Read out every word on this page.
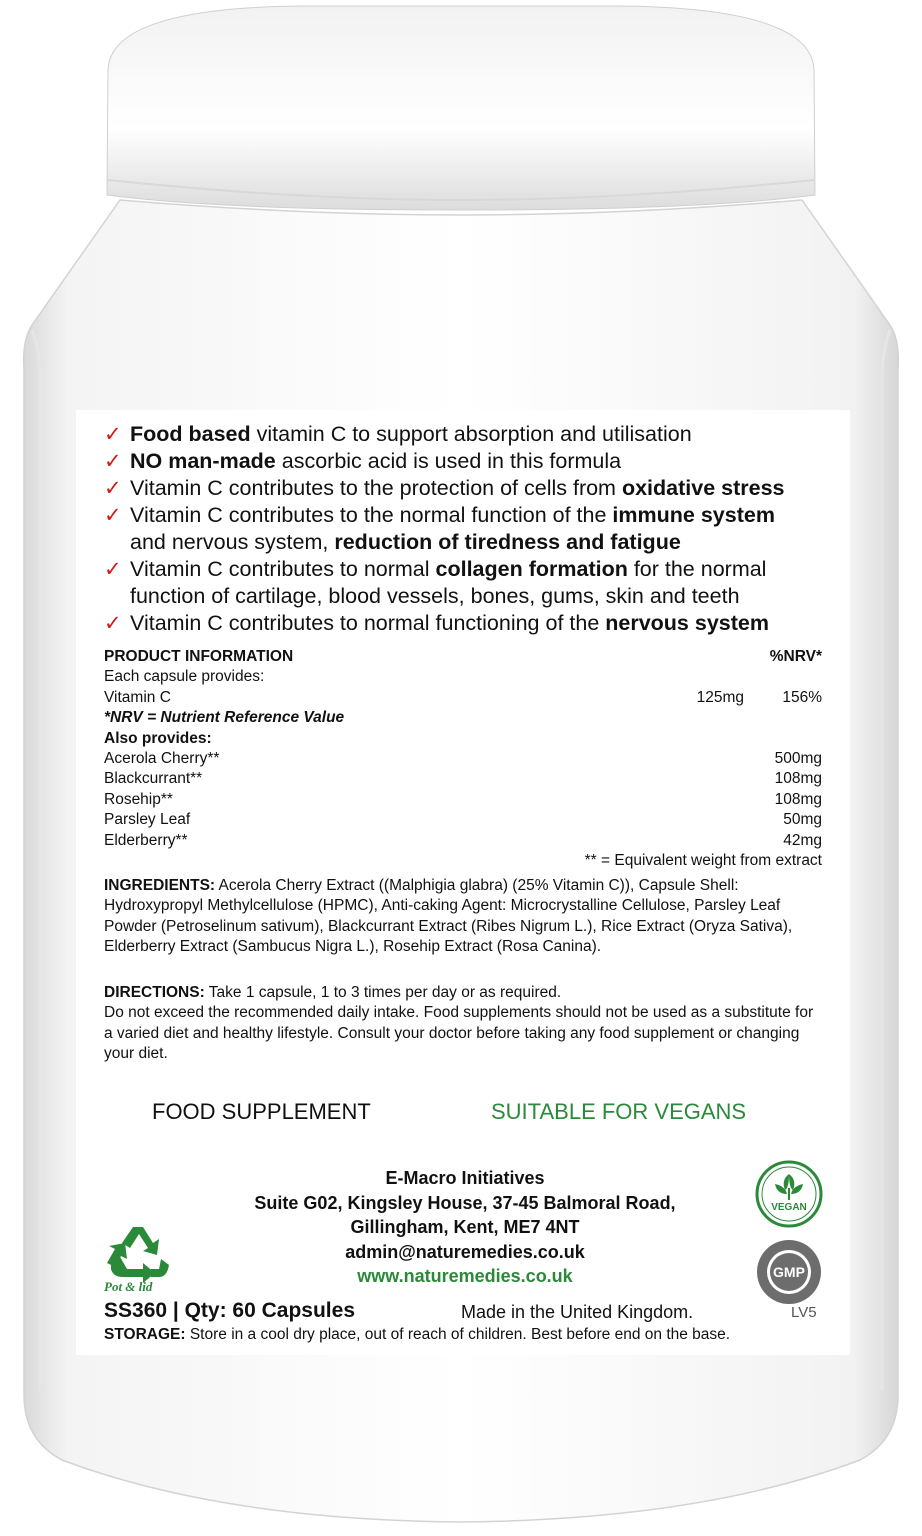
✓ Food based vitamin C to support absorption and utilisation
✓ NO man-made ascorbic acid is used in this formula
✓ Vitamin C contributes to the protection of cells from oxidative stress
✓ Vitamin C contributes to the normal function of the immune system
and nervous system, reduction of tiredness and fatigue
✓ Vitamin C contributes to normal collagen formation for the normal
function of cartilage, blood vessels, bones, gums, skin and teeth
✓ Vitamin C contributes to normal functioning of the nervous system
PRODUCT INFORMATION	%NRV*
Each capsule provides:
Vitamin C	125mg	156%
*NRV = Nutrient Reference Value
Also provides:
Acerola Cherry**	500mg
Blackcurrant**	108mg
Rosehip**	108mg
Parsley Leaf	50mg
Elderberry**	42mg
** = Equivalent weight from extract
INGREDIENTS: Acerola Cherry Extract ((Malphigia glabra) (25% Vitamin C)), Capsule Shell: Hydroxypropyl Methylcellulose (HPMC), Anti-caking Agent: Microcrystalline Cellulose, Parsley Leaf Powder (Petroselinum sativum), Blackcurrant Extract (Ribes Nigrum L.), Rice Extract (Oryza Sativa), Elderberry Extract (Sambucus Nigra L.), Rosehip Extract (Rosa Canina).
DIRECTIONS: Take 1 capsule, 1 to 3 times per day or as required.
Do not exceed the recommended daily intake. Food supplements should not be used as a substitute for a varied diet and healthy lifestyle. Consult your doctor before taking any food supplement or changing your diet.
FOOD SUPPLEMENT	SUITABLE FOR VEGANS
E-Macro Initiatives
Suite G02, Kingsley House, 37-45 Balmoral Road,
Gillingham, Kent, ME7 4NT
admin@naturemedies.co.uk
www.naturemedies.co.uk
Pot & lid
VEGAN
GMP
SS360 | Qty: 60 Capsules	Made in the United Kingdom.	LV5
STORAGE: Store in a cool dry place, out of reach of children. Best before end on the base.
